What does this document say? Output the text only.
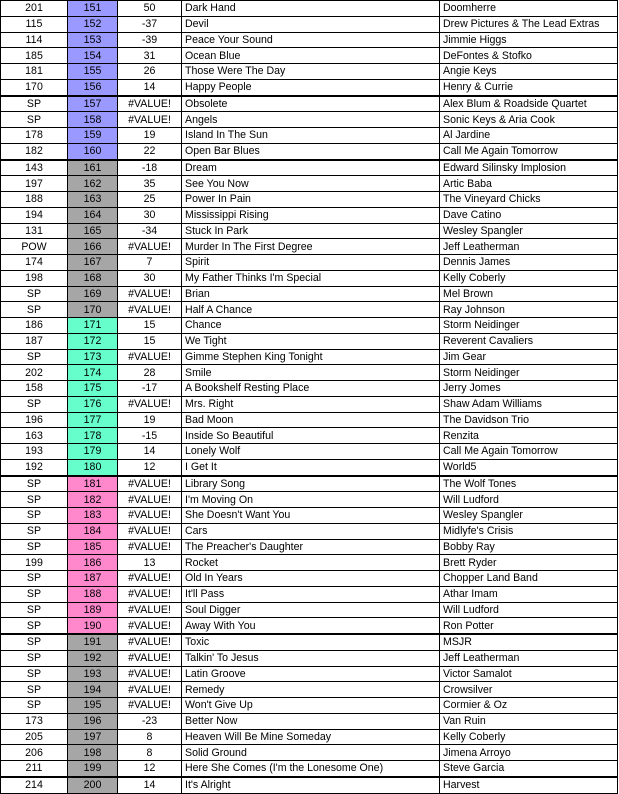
201	151	50	Dark Hand	Doomherre
115	152	-37	Devil	Drew Pictures & The Lead Extras
114	153	-39	Peace Your Sound	Jimmie Higgs
185	154	31	Ocean Blue	DeFontes & Stofko
181	155	26	Those Were The Day	Angie Keys
170	156	14	Happy People	Henry & Currie
SP	157	#VALUE!	Obsolete	Alex Blum & Roadside Quartet
SP	158	#VALUE!	Angels	Sonic Keys & Aria Cook
178	159	19	Island In The Sun	Al Jardine
182	160	22	Open Bar Blues	Call Me Again Tomorrow
143	161	-18	Dream	Edward Silinsky Implosion
197	162	35	See You Now	Artic Baba
188	163	25	Power In Pain	The Vineyard Chicks
194	164	30	Mississippi Rising	Dave Catino
131	165	-34	Stuck In Park	Wesley Spangler
POW	166	#VALUE!	Murder In The First Degree	Jeff Leatherman
174	167	7	Spirit	Dennis James
198	168	30	My Father Thinks I'm Special	Kelly Coberly
SP	169	#VALUE!	Brian	Mel Brown
SP	170	#VALUE!	Half A Chance	Ray Johnson
186	171	15	Chance	Storm Neidinger
187	172	15	We Tight	Reverent Cavaliers
SP	173	#VALUE!	Gimme Stephen King Tonight	Jim Gear
202	174	28	Smile	Storm Neidinger
158	175	-17	A Bookshelf Resting Place	Jerry Jomes
SP	176	#VALUE!	Mrs. Right	Shaw Adam Williams
196	177	19	Bad Moon	The Davidson Trio
163	178	-15	Inside So Beautiful	Renzita
193	179	14	Lonely Wolf	Call Me Again Tomorrow
192	180	12	I Get It	World5
SP	181	#VALUE!	Library Song	The Wolf Tones
SP	182	#VALUE!	I'm Moving On	Will Ludford
SP	183	#VALUE!	She Doesn't Want You	Wesley Spangler
SP	184	#VALUE!	Cars	Midlyfe's Crisis
SP	185	#VALUE!	The Preacher's Daughter	Bobby Ray
199	186	13	Rocket	Brett Ryder
SP	187	#VALUE!	Old In Years	Chopper Land Band
SP	188	#VALUE!	It'll Pass	Athar Imam
SP	189	#VALUE!	Soul Digger	Will Ludford
SP	190	#VALUE!	Away With You	Ron Potter
SP	191	#VALUE!	Toxic	MSJR
SP	192	#VALUE!	Talkin' To Jesus	Jeff Leatherman
SP	193	#VALUE!	Latin Groove	Victor Samalot
SP	194	#VALUE!	Remedy	Crowsilver
SP	195	#VALUE!	Won't Give Up	Cormier & Oz
173	196	-23	Better Now	Van Ruin
205	197	8	Heaven Will Be Mine Someday	Kelly Coberly
206	198	8	Solid Ground	Jimena Arroyo
211	199	12	Here She Comes (I'm the Lonesome One)	Steve Garcia
214	200	14	It's Alright	Harvest
